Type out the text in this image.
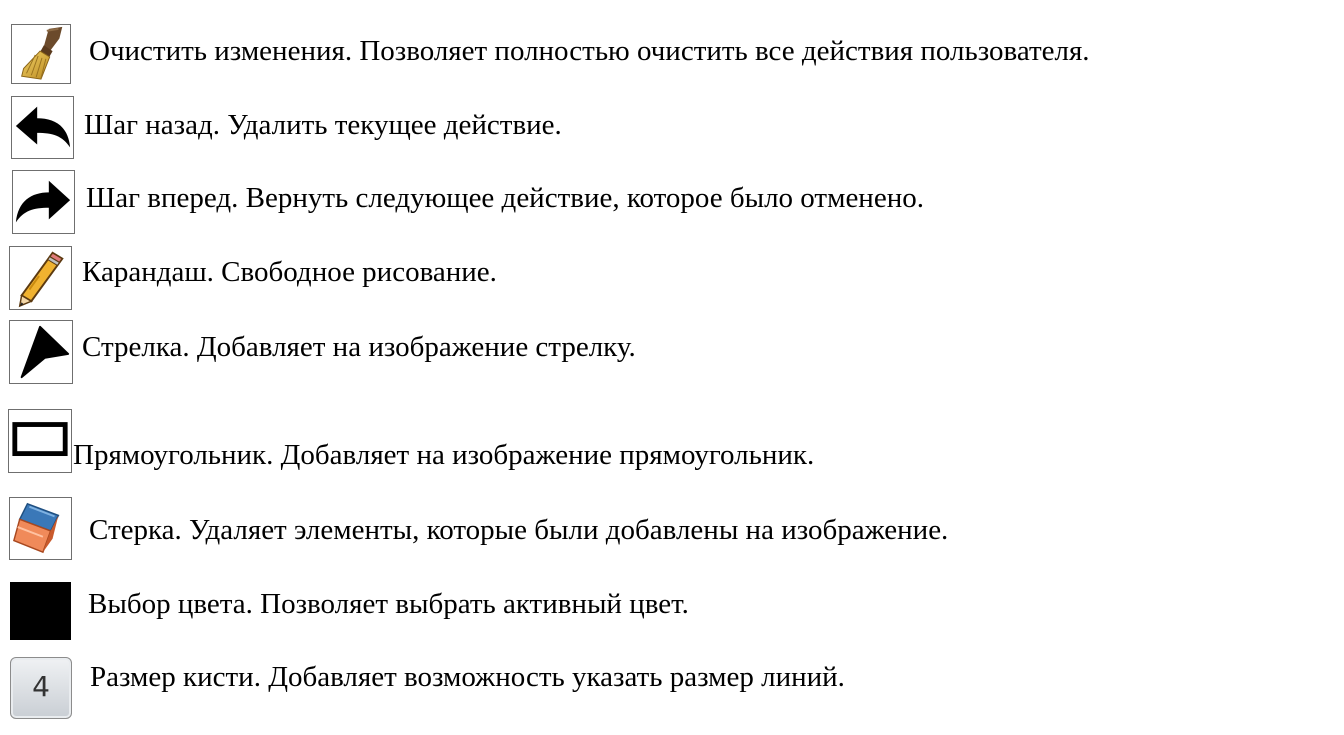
Очистить изменения. Позволяет полностью очистить все действия пользователя.
Шаг назад. Удалить текущее действие.
Шаг вперед. Вернуть следующее действие, которое было отменено.
Карандаш. Свободное рисование.
Стрелка. Добавляет на изображение стрелку.
Прямоугольник. Добавляет на изображение прямоугольник.
Стерка. Удаляет элементы, которые были добавлены на изображение.
Выбор цвета. Позволяет выбрать активный цвет.
4	Размер кисти. Добавляет возможность указать размер линий.
